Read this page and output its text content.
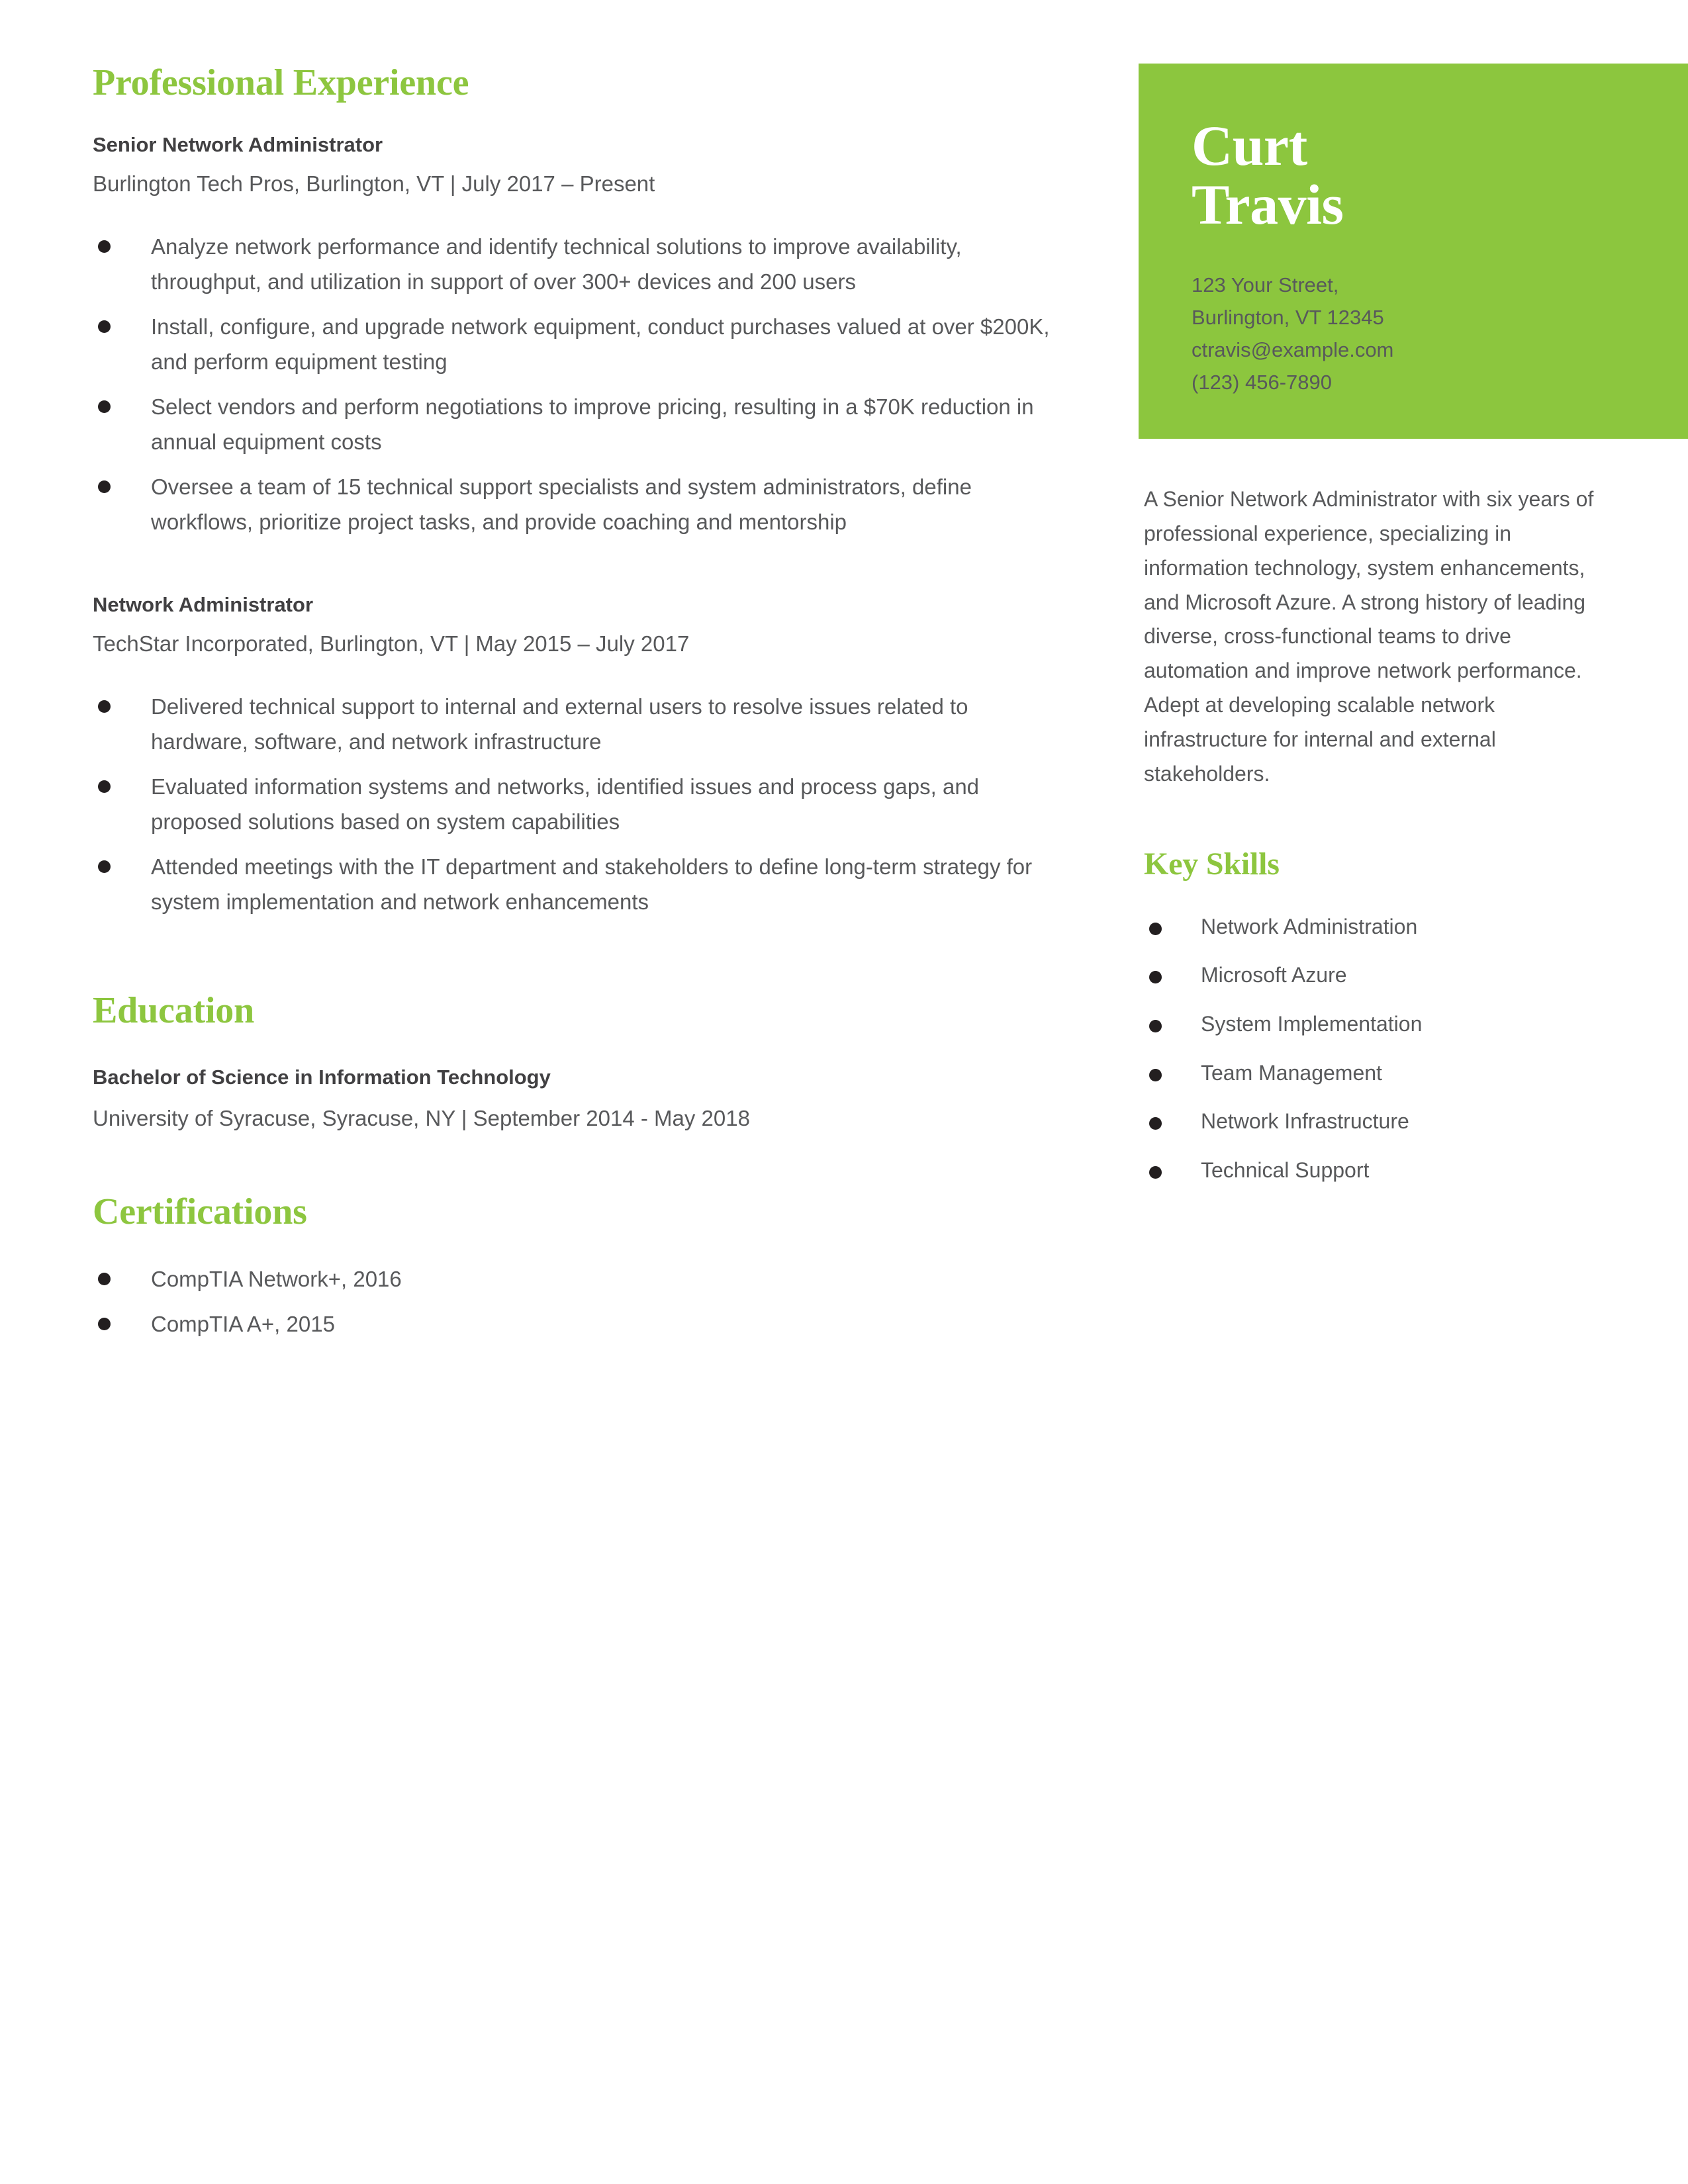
Professional Experience
Senior Network Administrator
Burlington Tech Pros, Burlington, VT | July 2017 – Present
Analyze network performance and identify technical solutions to improve availability, throughput, and utilization in support of over 300+ devices and 200 users
Install, configure, and upgrade network equipment, conduct purchases valued at over $200K, and perform equipment testing
Select vendors and perform negotiations to improve pricing, resulting in a $70K reduction in annual equipment costs
Oversee a team of 15 technical support specialists and system administrators, define workflows, prioritize project tasks, and provide coaching and mentorship
Network Administrator
TechStar Incorporated, Burlington, VT | May 2015 – July 2017
Delivered technical support to internal and external users to resolve issues related to hardware, software, and network infrastructure
Evaluated information systems and networks, identified issues and process gaps, and proposed solutions based on system capabilities
Attended meetings with the IT department and stakeholders to define long-term strategy for system implementation and network enhancements
Education
Bachelor of Science in Information Technology
University of Syracuse, Syracuse, NY | September 2014 - May 2018
Certifications
CompTIA Network+, 2016
CompTIA A+, 2015
Curt
Travis
123 Your Street,
Burlington, VT 12345
ctravis@example.com
(123) 456-7890

A Senior Network Administrator with six years of professional experience, specializing in information technology, system enhancements, and Microsoft Azure. A strong history of leading diverse, cross-functional teams to drive automation and improve network performance. Adept at developing scalable network infrastructure for internal and external stakeholders.

Key Skills
Network Administration
Microsoft Azure
System Implementation
Team Management
Network Infrastructure
Technical Support
